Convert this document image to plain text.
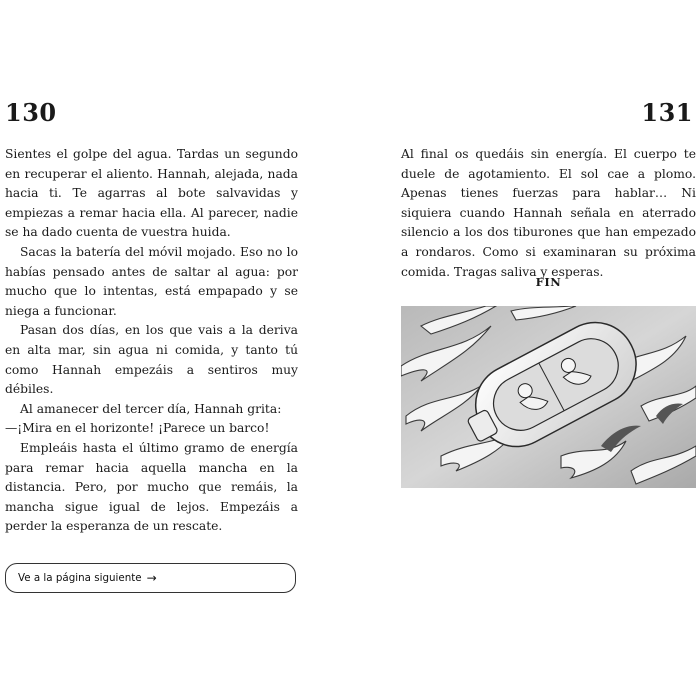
130	131

Sientes el golpe del agua. Tardas un segundo en recuperar el aliento. Hannah, alejada, nada hacia ti. Te agarras al bote salvavidas y empiezas a remar hacia ella. Al parecer, nadie se ha dado cuenta de vuestra huida.

Sacas la batería del móvil mojado. Eso no lo habías pensado antes de saltar al agua: por mucho que lo intentas, está empapado y se niega a funcionar.

Pasan dos días, en los que vais a la deriva en alta mar, sin agua ni comida, y tanto tú como Hannah empezáis a sentiros muy débiles.

Al amanecer del tercer día, Hannah grita:

—¡Mira en el horizonte! ¡Parece un barco!

Empleáis hasta el último gramo de energía para remar hacia aquella mancha en la distancia. Pero, por mucho que remáis, la mancha sigue igual de lejos. Empezáis a perder la esperanza de un rescate.

Al final os quedáis sin energía. El cuerpo te duele de agotamiento. El sol cae a plomo. Apenas tienes fuerzas para hablar… Ni siquiera cuando Hannah señala en aterrado silencio a los dos tiburones que han empezado a rondaros. Como si examinaran su próxima comida. Tragas saliva y esperas.

FIN
Ve a la página siguiente →
